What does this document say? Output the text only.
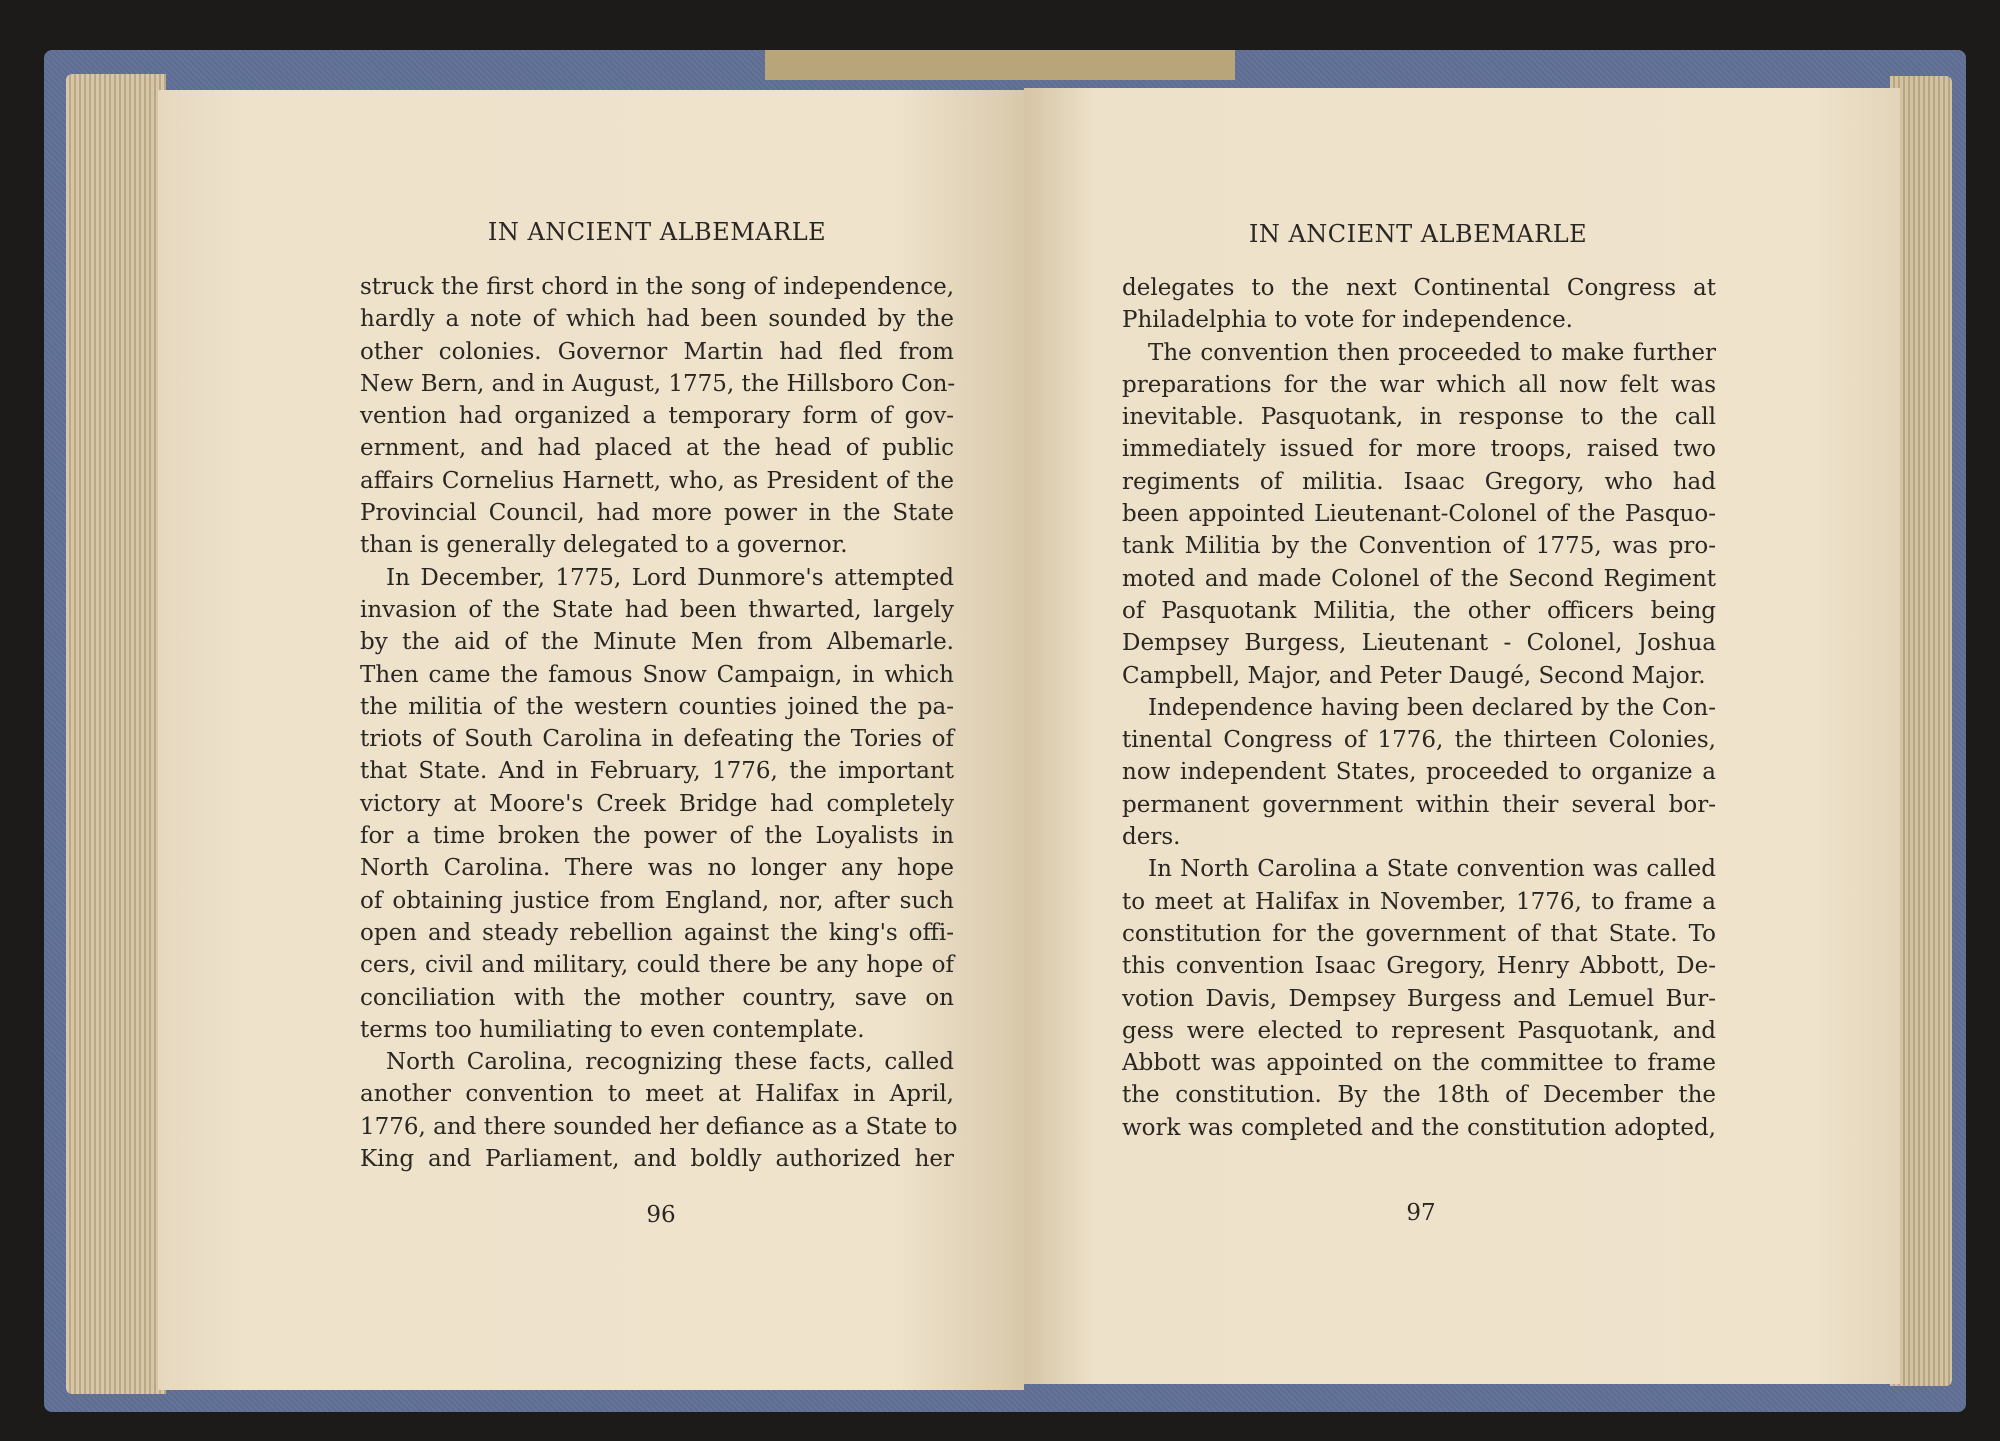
IN ANCIENT ALBEMARLE	IN ANCIENT ALBEMARLE
struck the first chord in the song of independence,
hardly a note of which had been sounded by the
other colonies. Governor Martin had fled from
New Bern, and in August, 1775, the Hillsboro Con-
vention had organized a temporary form of gov-
ernment, and had placed at the head of public
affairs Cornelius Harnett, who, as President of the
Provincial Council, had more power in the State
than is generally delegated to a governor.
In December, 1775, Lord Dunmore's attempted
invasion of the State had been thwarted, largely
by the aid of the Minute Men from Albemarle.
Then came the famous Snow Campaign, in which
the militia of the western counties joined the pa-
triots of South Carolina in defeating the Tories of
that State. And in February, 1776, the important
victory at Moore's Creek Bridge had completely
for a time broken the power of the Loyalists in
North Carolina. There was no longer any hope
of obtaining justice from England, nor, after such
open and steady rebellion against the king's offi-
cers, civil and military, could there be any hope of
conciliation with the mother country, save on
terms too humiliating to even contemplate.
North Carolina, recognizing these facts, called
another convention to meet at Halifax in April,
1776, and there sounded her defiance as a State to
King and Parliament, and boldly authorized her
delegates to the next Continental Congress at
Philadelphia to vote for independence.
The convention then proceeded to make further
preparations for the war which all now felt was
inevitable. Pasquotank, in response to the call
immediately issued for more troops, raised two
regiments of militia. Isaac Gregory, who had
been appointed Lieutenant-Colonel of the Pasquo-
tank Militia by the Convention of 1775, was pro-
moted and made Colonel of the Second Regiment
of Pasquotank Militia, the other officers being
Dempsey Burgess, Lieutenant - Colonel, Joshua
Campbell, Major, and Peter Daugé, Second Major.
Independence having been declared by the Con-
tinental Congress of 1776, the thirteen Colonies,
now independent States, proceeded to organize a
permanent government within their several bor-
ders.
In North Carolina a State convention was called
to meet at Halifax in November, 1776, to frame a
constitution for the government of that State. To
this convention Isaac Gregory, Henry Abbott, De-
votion Davis, Dempsey Burgess and Lemuel Bur-
gess were elected to represent Pasquotank, and
Abbott was appointed on the committee to frame
the constitution. By the 18th of December the
work was completed and the constitution adopted,
96	97
